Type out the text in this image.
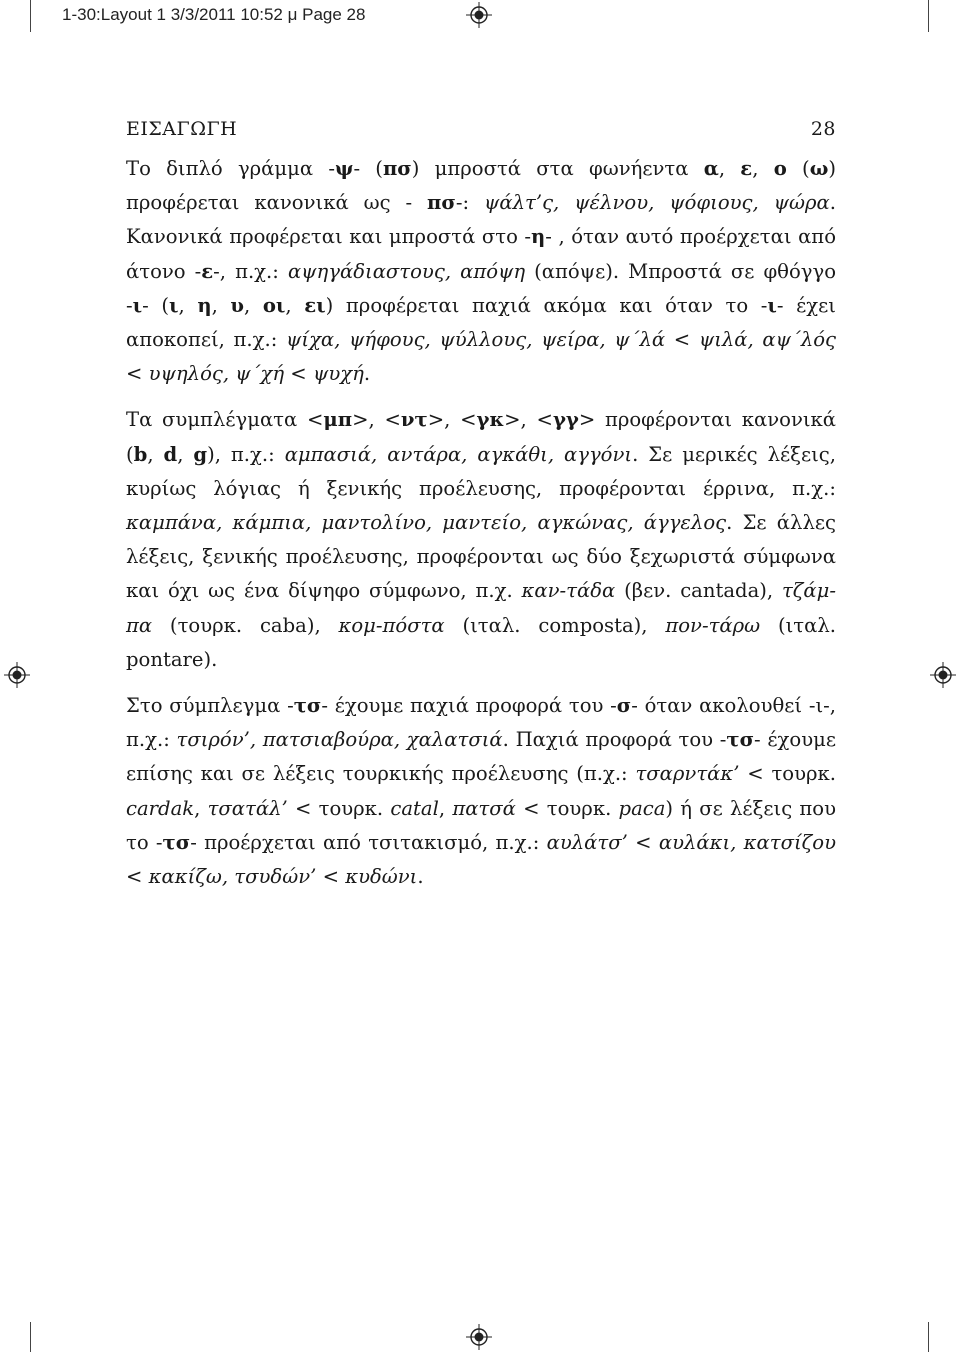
1-30:Layout 1 3/3/2011 10:52 μ Page 28
ΕΙΣΑΓΩΓΗ	28

Το διπλό γράμμα -ψ- (πσ) μπροστά στα φωνήεντα α, ε, ο (ω) προφέρεται κανονικά ως - πσ-: ψάλτ’ς, ψέλνου, ψόφιους, ψώρα. Κανονικά προφέρεται και μπροστά στο -η- , όταν αυτό προέρχεται από άτονο -ε-, π.χ.: αψηγάδιαστους, απόψη (απόψε). Μπροστά σε φθόγγο -ι- (ι, η, υ, οι, ει) προφέρεται παχιά ακόμα και όταν το -ι- έχει αποκοπεί, π.χ.: ψίχα, ψήφους, ψύλλους, ψείρα, ψ΄λά < ψιλά, αψ΄λός < υψηλός, ψ΄χή < ψυχή.

Τα συμπλέγματα <μπ>, <ντ>, <γκ>, <γγ> προφέρονται κανονικά (b, d, g), π.χ.: αμπασιά, αντάρα, αγκάθι, αγγόνι. Σε μερικές λέξεις, κυρίως λόγιας ή ξενικής προέλευσης, προφέρονται έρρινα, π.χ.: καμπάνα, κάμπια, μαντολίνο, μαντείο, αγκώνας, άγγελος. Σε άλλες λέξεις, ξενικής προέλευσης, προφέρονται ως δύο ξεχωριστά σύμφωνα και όχι ως ένα δίψηφο σύμφωνο, π.χ. καν-τάδα (βεν. cantada), τζάμ-πα (τουρκ. caba), κομ-πόστα (ιταλ. composta), πον-τάρω (ιταλ. pontare).

Στο σύμπλεγμα -τσ- έχουμε παχιά προφορά του -σ- όταν ακολουθεί -ι-, π.χ.: τσιρόν’, πατσιαβούρα, χαλατσιά. Παχιά προφορά του -τσ- έχουμε επίσης και σε λέξεις τουρκικής προέλευσης (π.χ.: τσαρντάκ’ < τουρκ. cardak, τσατάλ’ < τουρκ. catal, πατσά < τουρκ. paca) ή σε λέξεις που το -τσ- προέρχεται από τσιτακισμό, π.χ.: αυλάτσ’ < αυλάκι, κατσίζου < κακίζω, τσυδών’ < κυδώνι.
